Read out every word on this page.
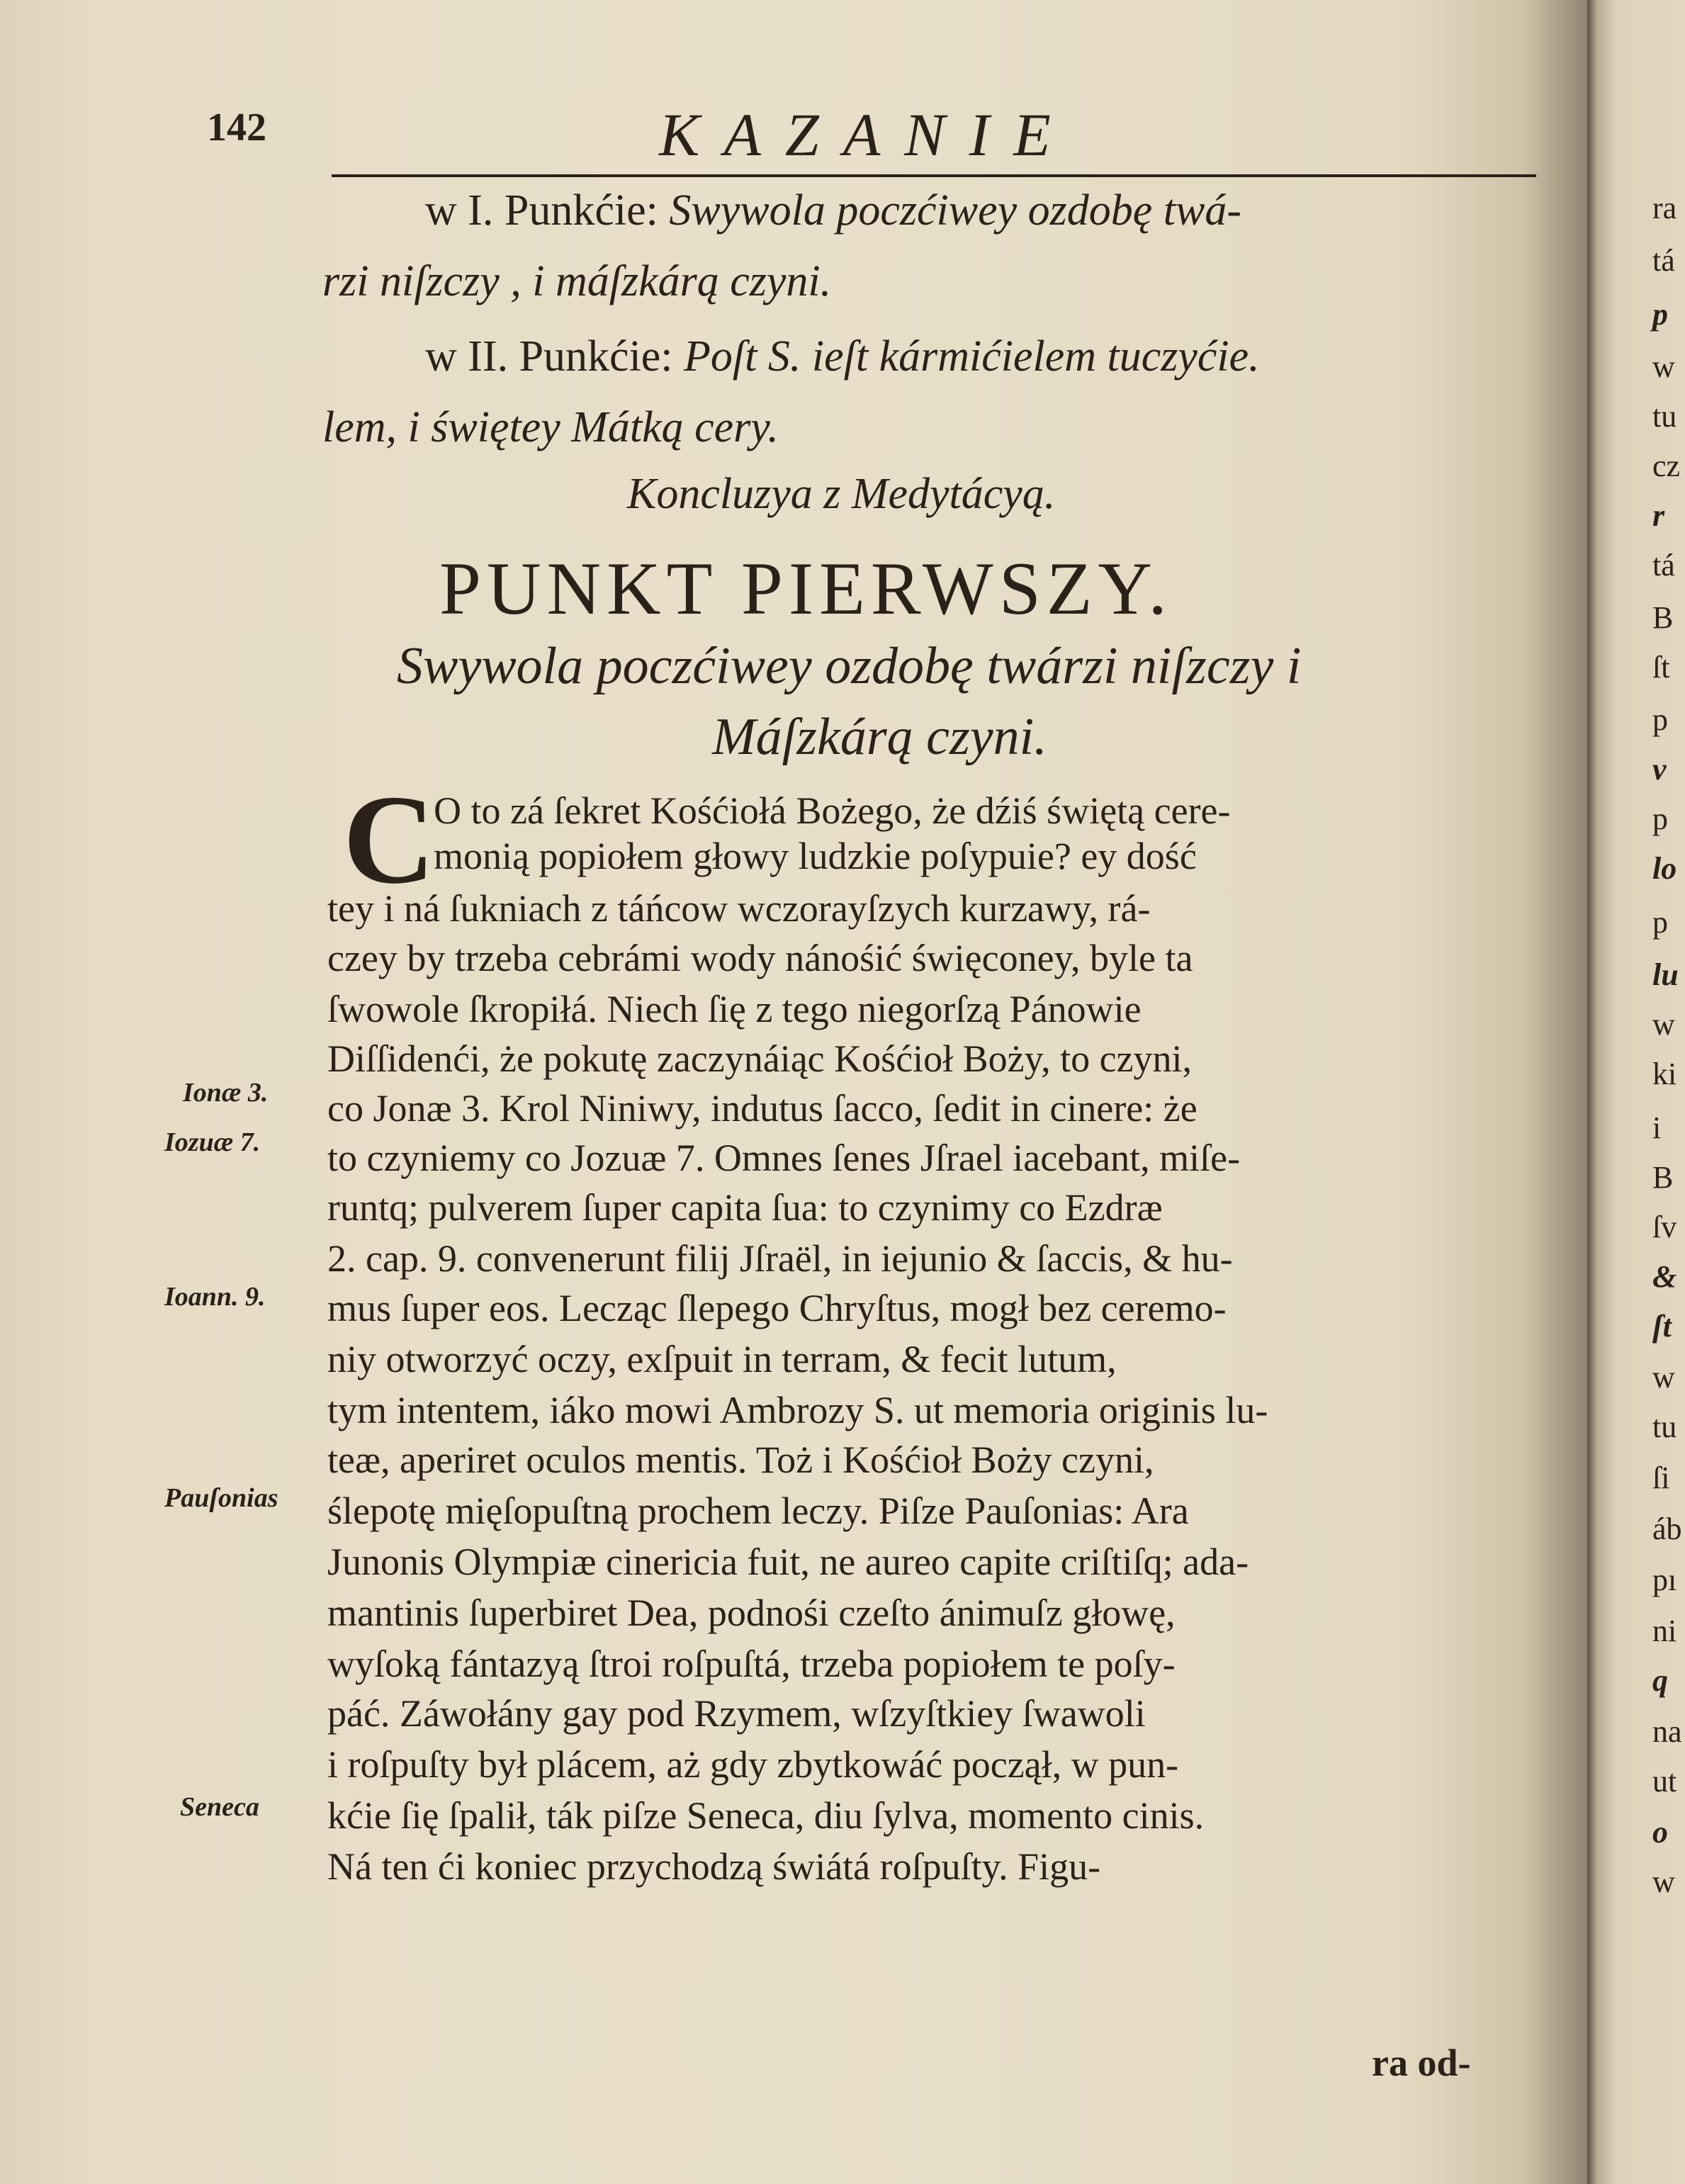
142	KAZANIE
w I. Punkćie: Swywola poczćiwey ozdobę twá-
rzi niſzczy , i máſzkárą czyni.
w II. Punkćie: Poſt S. ieſt kármićielem tuczyćie.
lem, i świętey Mátką cery.
Koncluzya z Medytácyą.
PUNKT PIERWSZY.
Swywola poczćiwey ozdobę twárzi niſzczy i
Máſzkárą czyni.
C
O to zá ſekret Kośćiołá Bożego, że dźiś świętą cere-
monią popiołem głowy ludzkie poſypuie? ey dość
tey i ná ſukniach z táńcow wczorayſzych kurzawy, rá-
czey by trzeba cebrámi wody nánośić święconey, byle ta
ſwowole ſkropiłá. Niech ſię z tego niegorſzą Pánowie
Diſſidenći, że pokutę zaczynáiąc Kośćioł Boży, to czyni,
co Jonæ 3. Krol Niniwy, indutus ſacco, ſedit in cinere: że
to czyniemy co Jozuæ 7. Omnes ſenes Jſrael iacebant, miſe-
runtq; pulverem ſuper capita ſua: to czynimy co Ezdræ
2. cap. 9. convenerunt filij Jſraël, in iejunio & ſaccis, & hu-
mus ſuper eos. Lecząc ſlepego Chryſtus, mogł bez ceremo-
niy otworzyć oczy, exſpuit in terram, & fecit lutum,
tym intentem, iáko mowi Ambrozy S. ut memoria originis lu-
teæ, aperiret oculos mentis. Toż i Kośćioł Boży czyni,
ślepotę mięſopuſtną prochem leczy. Piſze Pauſonias: Ara
Junonis Olympiæ cinericia fuit, ne aureo capite criſtiſq; ada-
mantinis ſuperbiret Dea, podnośi czeſto ánimuſz głowę,
wyſoką fántazyą ſtroi roſpuſtá, trzeba popiołem te poſy-
páć. Záwołány gay pod Rzymem, wſzyſtkiey ſwawoli
i roſpuſty był plácem, aż gdy zbytkowáć począł, w pun-
kćie ſię ſpalił, ták piſze Seneca, diu ſylva, momento cinis.
Ná ten ći koniec przychodzą świátá roſpuſty. Figu-
Ionæ 3.
Iozuæ 7.
Ioann. 9.
Pauſonias
Seneca
ra od-
ra
tá
p
w
tu
cz
r
tá
B
ſt
p
v
p
lo
p
lu
w
ki
i
B
ſv
&
ſt
w
tu
ſi
áb
pı
ni
q
na
ut
o
w
